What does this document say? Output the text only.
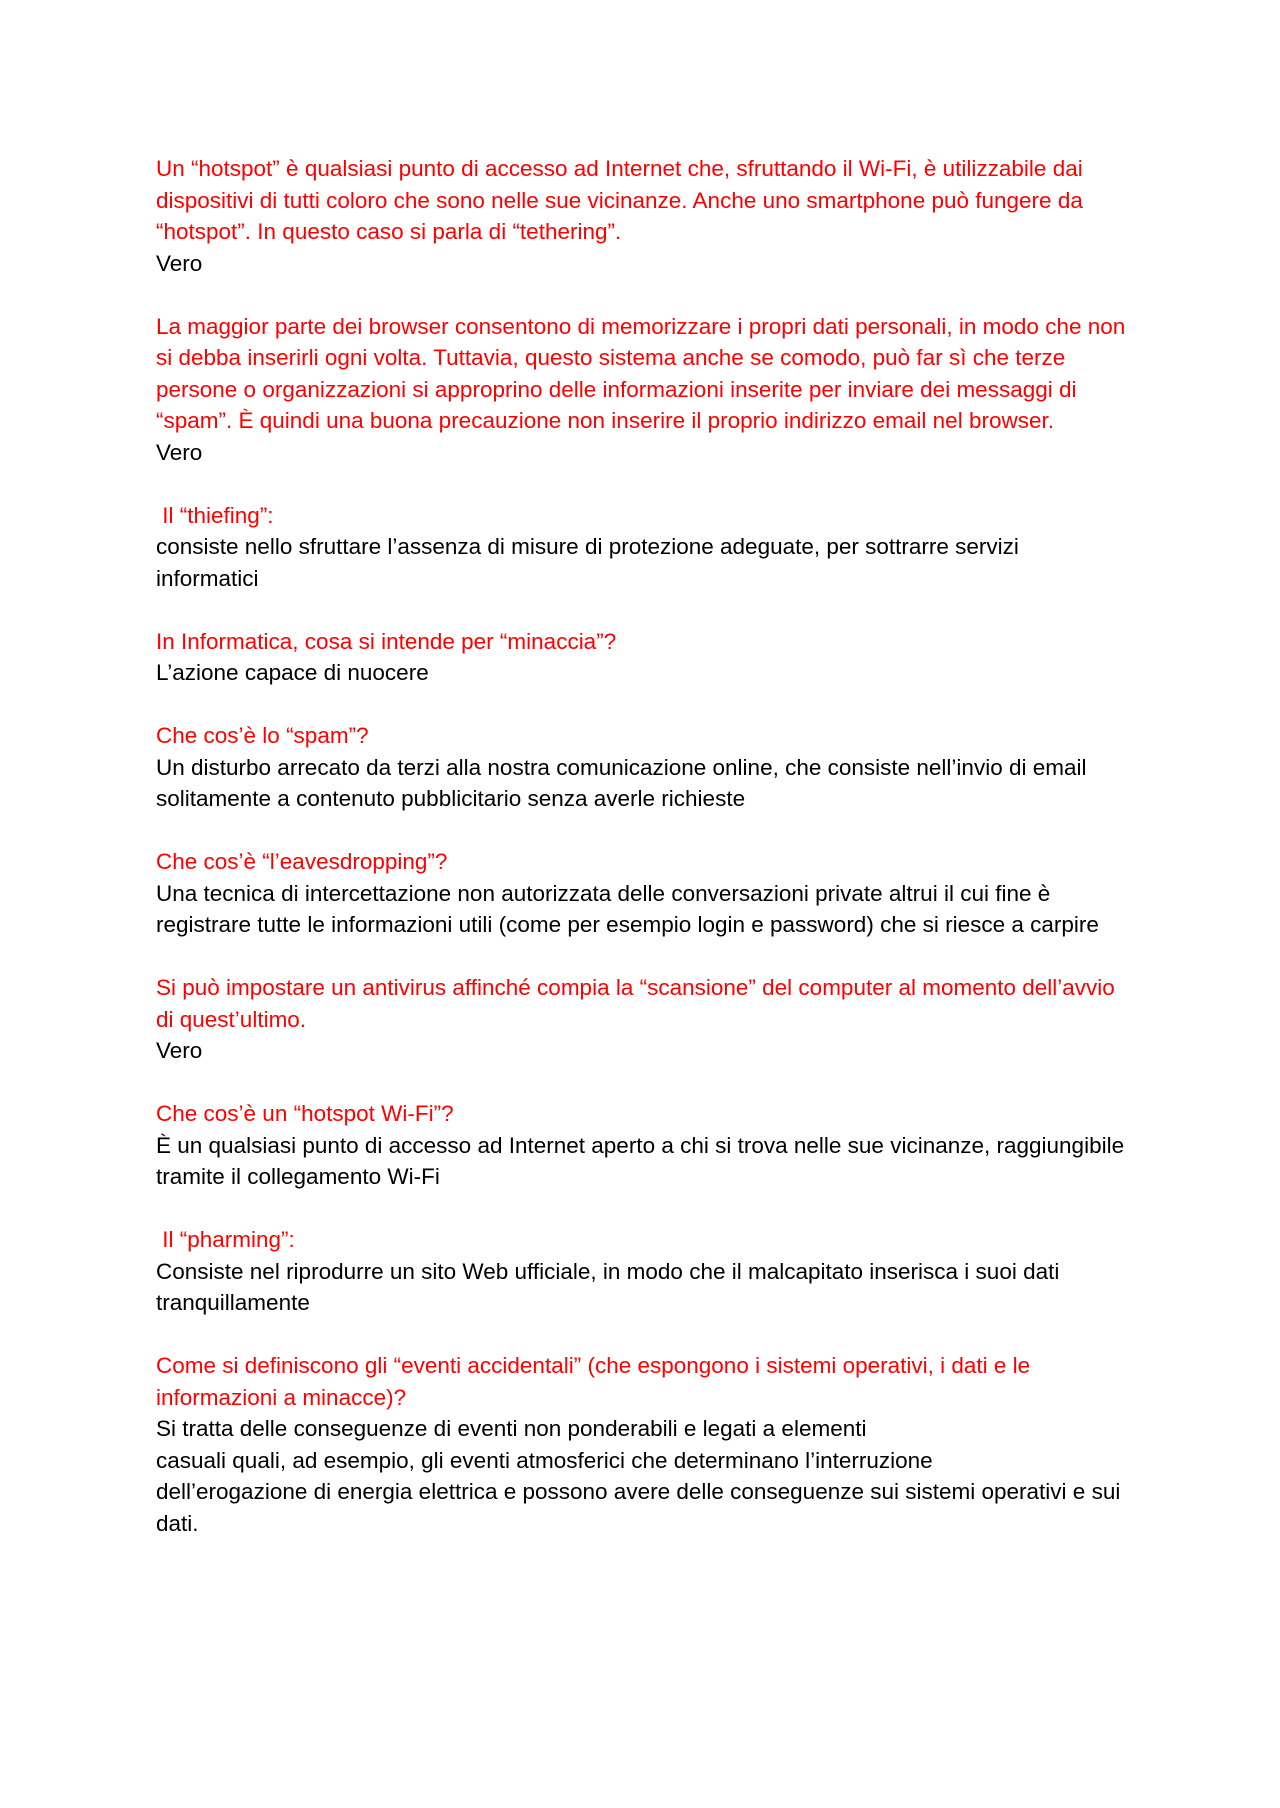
Un “hotspot” è qualsiasi punto di accesso ad Internet che, sfruttando il Wi-Fi, è utilizzabile dai dispositivi di tutti coloro che sono nelle sue vicinanze. Anche uno smartphone può fungere da “hotspot”. In questo caso si parla di “tethering”.

Vero

La maggior parte dei browser consentono di memorizzare i propri dati personali, in modo che non si debba inserirli ogni volta. Tuttavia, questo sistema anche se comodo, può far sì che terze persone o organizzazioni si approprino delle informazioni inserite per inviare dei messaggi di “spam”. È quindi una buona precauzione non inserire il proprio indirizzo email nel browser.

Vero

Il “thiefing”:

consiste nello sfruttare l’assenza di misure di protezione adeguate, per sottrarre servizi informatici

In Informatica, cosa si intende per “minaccia”?

L’azione capace di nuocere

Che cos’è lo “spam”?

Un disturbo arrecato da terzi alla nostra comunicazione online, che consiste nell’invio di email solitamente a contenuto pubblicitario senza averle richieste

Che cos’è “l’eavesdropping”?

Una tecnica di intercettazione non autorizzata delle conversazioni private altrui il cui fine è registrare tutte le informazioni utili (come per esempio login e password) che si riesce a carpire

Si può impostare un antivirus affinché compia la “scansione” del computer al momento dell’avvio di quest’ultimo.

Vero

Che cos’è un “hotspot Wi-Fi”?

È un qualsiasi punto di accesso ad Internet aperto a chi si trova nelle sue vicinanze, raggiungibile tramite il collegamento Wi-Fi

Il “pharming”:

Consiste nel riprodurre un sito Web ufficiale, in modo che il malcapitato inserisca i suoi dati tranquillamente

Come si definiscono gli “eventi accidentali” (che espongono i sistemi operativi, i dati e le informazioni a minacce)?

Si tratta delle conseguenze di eventi non ponderabili e legati a elementi
casuali quali, ad esempio, gli eventi atmosferici che determinano l’interruzione
dell’erogazione di energia elettrica e possono avere delle conseguenze sui sistemi operativi e sui dati.
